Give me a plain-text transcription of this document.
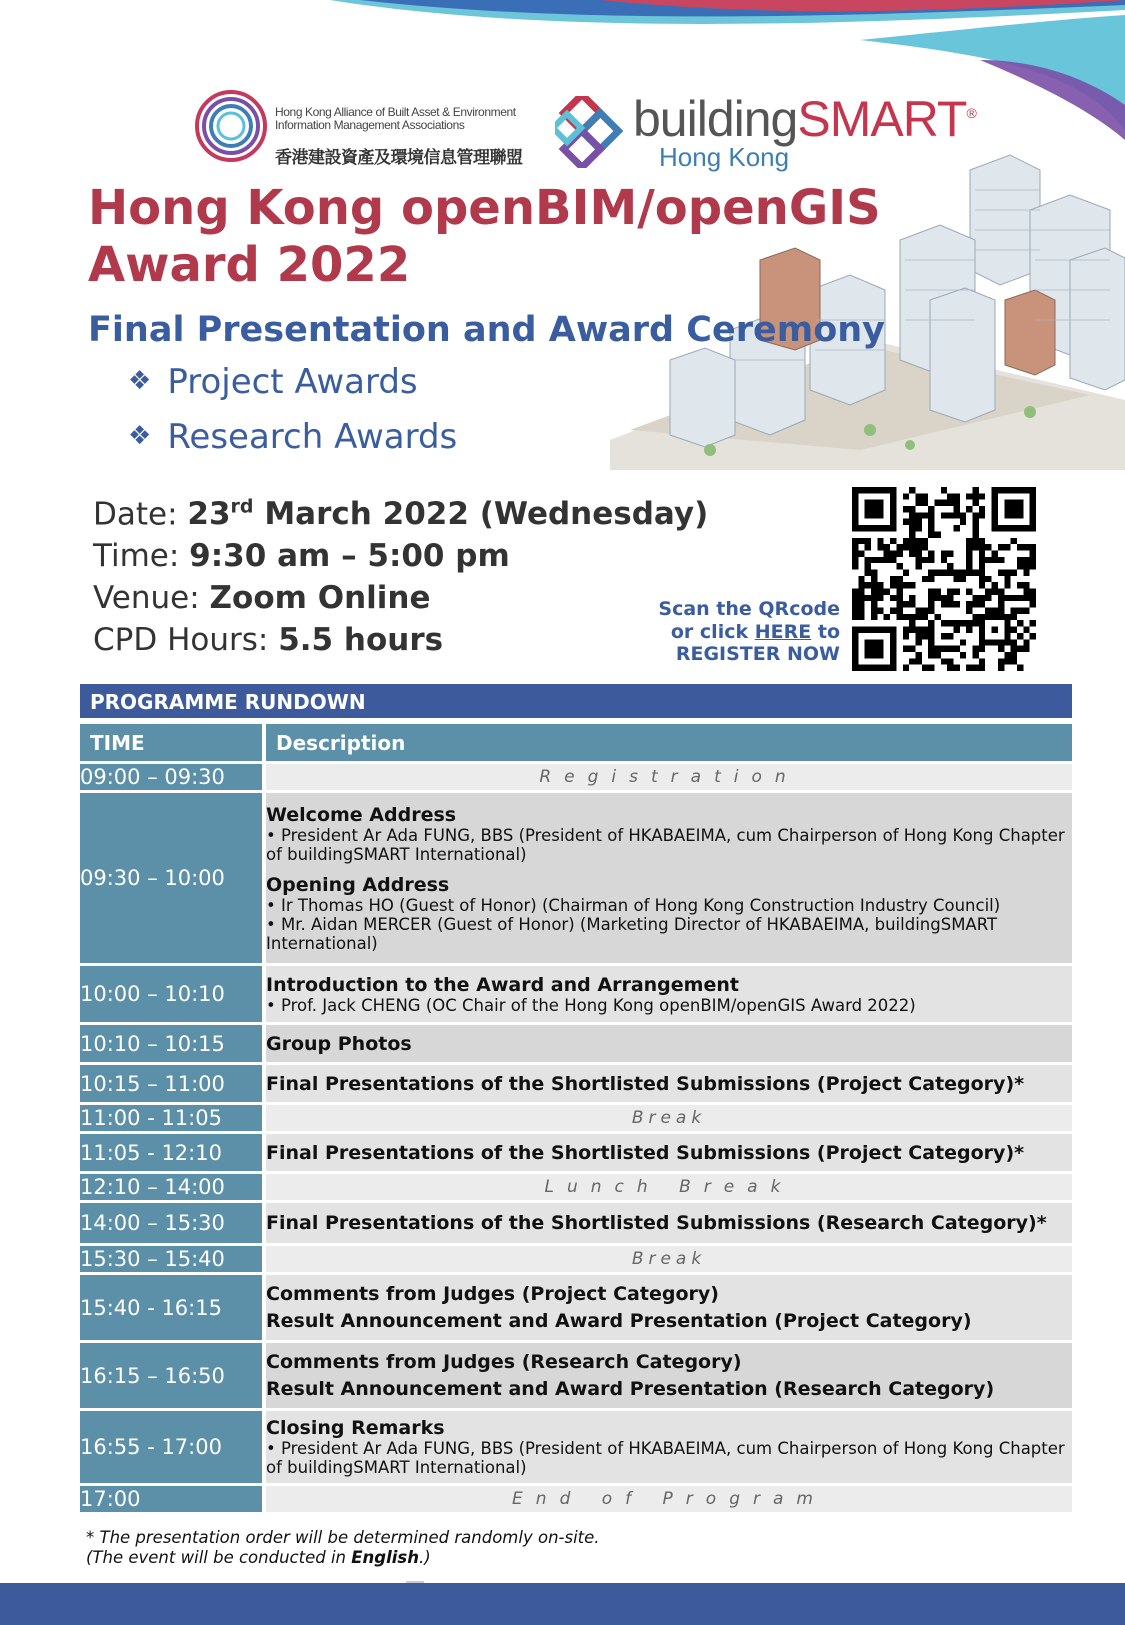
Hong Kong Alliance of Built Asset & Environment
Information Management Associations
香港建設資產及環境信息管理聯盟
buildingSMART®
Hong Kong
Hong Kong openBIM/openGIS
Award 2022
Final Presentation and Award Ceremony
❖ Project Awards
❖ Research Awards
Date: 23rd March 2022 (Wednesday)
Time: 9:30 am – 5:00 pm
Venue: Zoom Online
CPD Hours: 5.5 hours
Scan the QRcode
or click HERE to
REGISTER NOW
PROGRAMME RUNDOWN
TIME	Description
09:00 – 09:30	Registration
09:30 – 10:00	Welcome Address
• President Ar Ada FUNG, BBS (President of HKABAEIMA, cum Chairperson of Hong Kong Chapter of buildingSMART International)
Opening Address
• Ir Thomas HO (Guest of Honor) (Chairman of Hong Kong Construction Industry Council)
• Mr. Aidan MERCER (Guest of Honor) (Marketing Director of HKABAEIMA, buildingSMART International)

10:00 – 10:10	Introduction to the Award and Arrangement
• Prof. Jack CHENG (OC Chair of the Hong Kong openBIM/openGIS Award 2022)

10:10 – 10:15	Group Photos

10:15 – 11:00	Final Presentations of the Shortlisted Submissions (Project Category)*

11:00 - 11:05	Break
11:05 - 12:10	Final Presentations of the Shortlisted Submissions (Project Category)*

12:10 – 14:00	Lunch Break
14:00 – 15:30	Final Presentations of the Shortlisted Submissions (Research Category)*

15:30 – 15:40	Break
15:40 - 16:15	Comments from Judges (Project Category)
Result Announcement and Award Presentation (Project Category)

16:15 – 16:50	Comments from Judges (Research Category)
Result Announcement and Award Presentation (Research Category)

16:55 - 17:00	Closing Remarks
• President Ar Ada FUNG, BBS (President of HKABAEIMA, cum Chairperson of Hong Kong Chapter of buildingSMART International)

17:00	End of Program
* The presentation order will be determined randomly on-site.
(The event will be conducted in English.)
